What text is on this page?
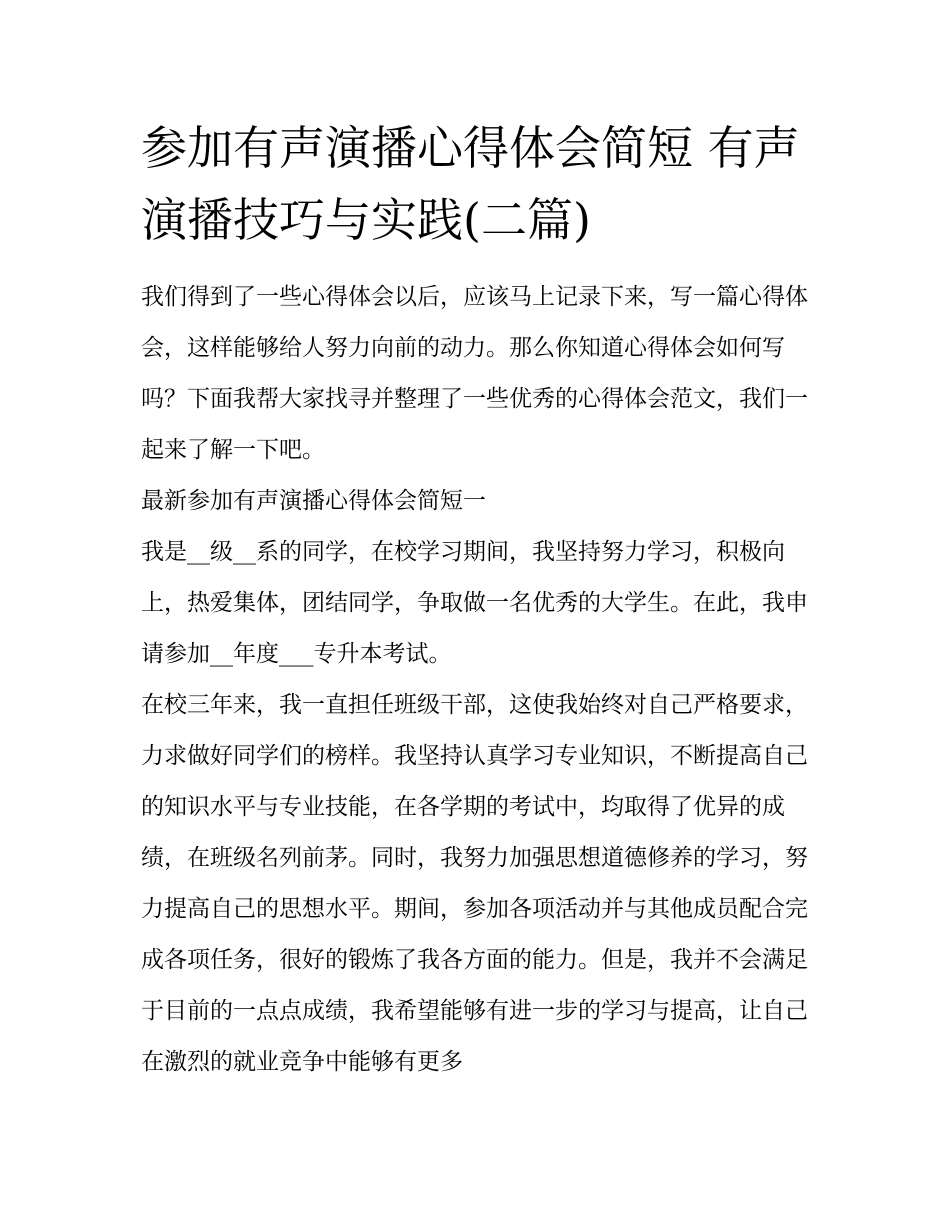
参加有声演播心得体会简短 有声演播技巧与实践(二篇)

我们得到了一些心得体会以后，应该马上记录下来，写一篇心得体会，这样能够给人努力向前的动力。那么你知道心得体会如何写吗？下面我帮大家找寻并整理了一些优秀的心得体会范文，我们一起来了解一下吧。

最新参加有声演播心得体会简短一

我是__级__系的同学，在校学习期间，我坚持努力学习，积极向上，热爱集体，团结同学，争取做一名优秀的大学生。在此，我申请参加__年度___专升本考试。

在校三年来，我一直担任班级干部，这使我始终对自己严格要求，力求做好同学们的榜样。我坚持认真学习专业知识，不断提高自己的知识水平与专业技能，在各学期的考试中，均取得了优异的成绩，在班级名列前茅。同时，我努力加强思想道德修养的学习，努力提高自己的思想水平。期间，参加各项活动并与其他成员配合完成各项任务，很好的锻炼了我各方面的能力。但是，我并不会满足于目前的一点点成绩，我希望能够有进一步的学习与提高，让自己在激烈的就业竞争中能够有更多
